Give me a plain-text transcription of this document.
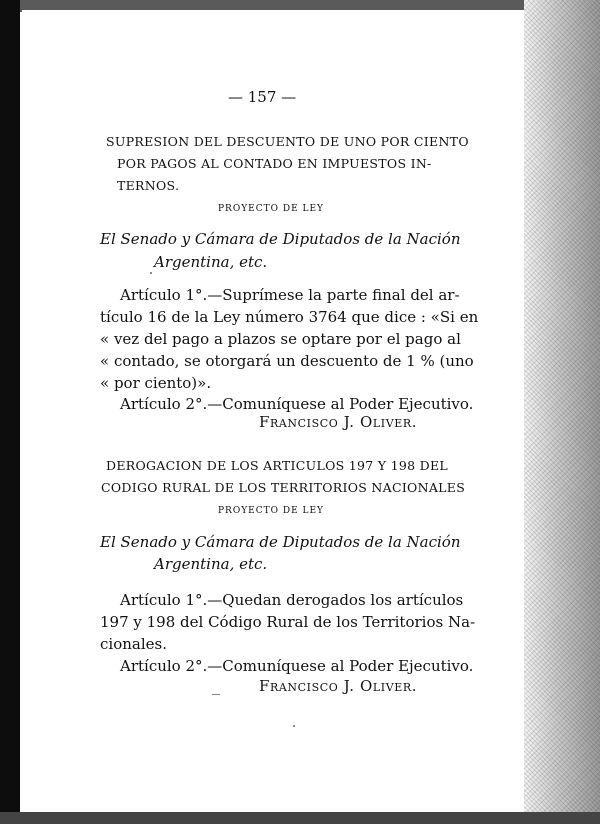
— 157 —
SUPRESION DEL DESCUENTO DE UNO POR CIENTO
POR PAGOS AL CONTADO EN IMPUESTOS IN-
TERNOS.
PROYECTO DE LEY
El Senado y Cámara de Diputados de la Nación
Argentina, etc.
Artículo 1°.—Suprímese la parte final del ar-
tículo 16 de la Ley número 3764 que dice : «Si en
« vez del pago a plazos se optare por el pago al
« contado, se otorgará un descuento de 1 % (uno
« por ciento)».
Artículo 2°.—Comuníquese al Poder Ejecutivo.
Francisco J. Oliver.
DEROGACION DE LOS ARTICULOS 197 Y 198 DEL
CODIGO RURAL DE LOS TERRITORIOS NACIONALES
PROYECTO DE LEY
El Senado y Cámara de Diputados de la Nación
Argentina, etc.
Artículo 1°.—Quedan derogados los artículos
197 y 198 del Código Rural de los Territorios Na-
cionales.
Artículo 2°.—Comuníquese al Poder Ejecutivo.
Francisco J. Oliver.
